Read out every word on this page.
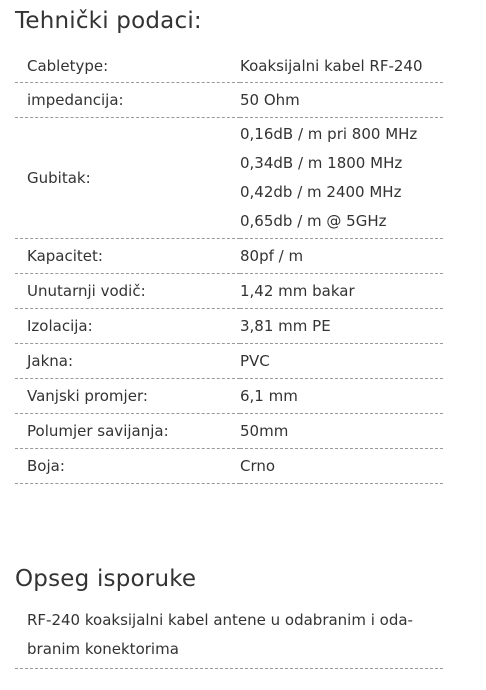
Tehnički podaci:
Cabletype:	Koaksijalni kabel RF-240

impedancija:	50 Ohm

Gubitak:	0,16dB / m pri 800 MHz
0,34dB / m 1800 MHz
0,42db / m 2400 MHz
0,65db / m @ 5GHz

Kapacitet:	80pf / m

Unutarnji vodič:	1,42 mm bakar

Izolacija:	3,81 mm PE

Jakna:	PVC

Vanjski promjer:	6,1 mm

Polumjer savijanja:	50mm

Boja:	Crno
Opseg isporuke
RF-240 koaksijalni kabel antene u odabranim i oda-
branim konektorima
